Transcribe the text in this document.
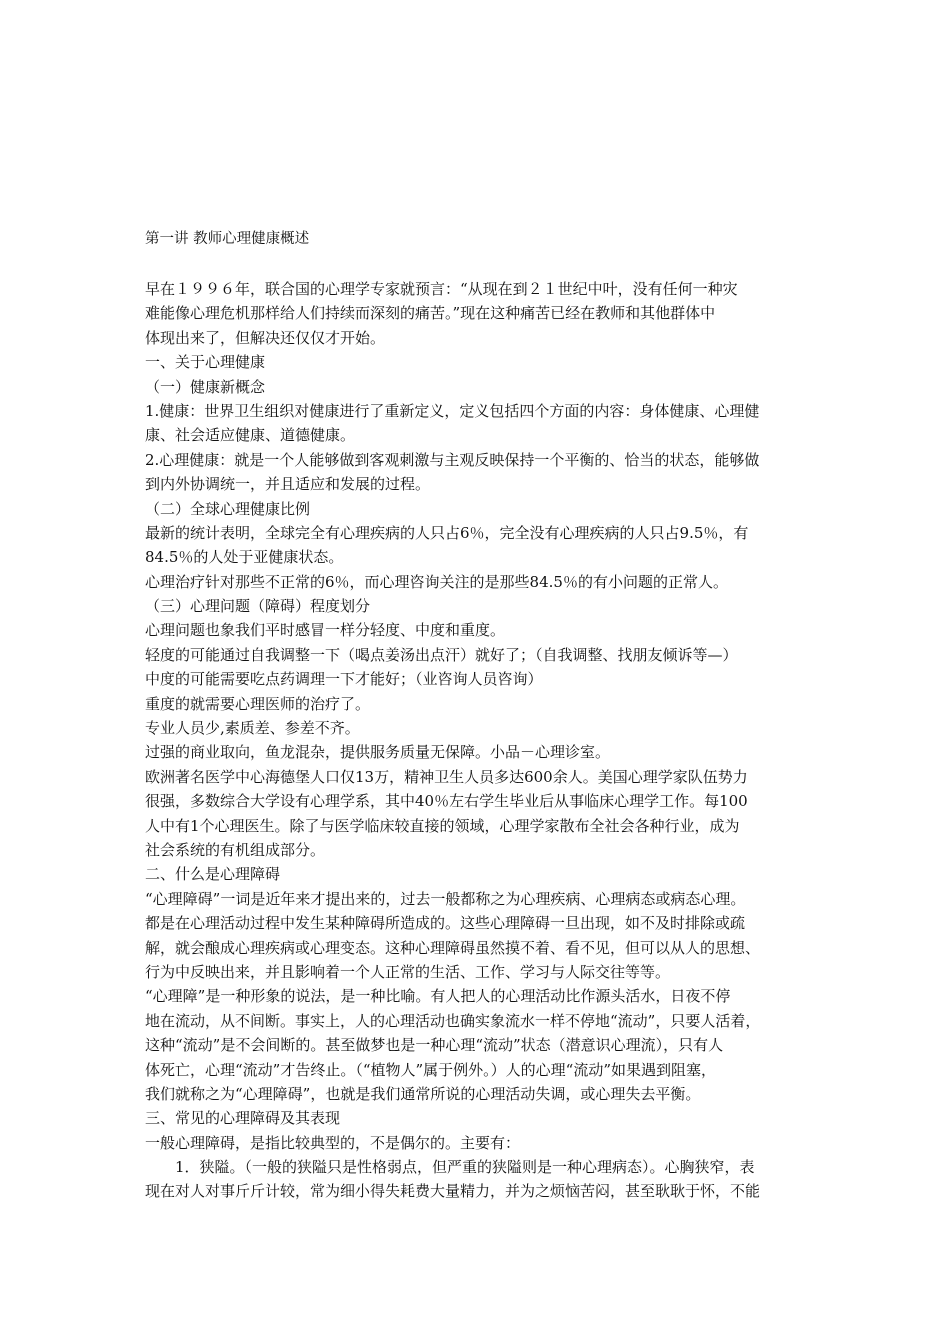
第一讲 教师心理健康概述
早在１９９６年，联合国的心理学专家就预言：“从现在到２１世纪中叶，没有任何一种灾
难能像心理危机那样给人们持续而深刻的痛苦。”现在这种痛苦已经在教师和其他群体中
体现出来了，但解决还仅仅才开始。
一、关于心理健康
（一）健康新概念
1.健康：世界卫生组织对健康进行了重新定义，定义包括四个方面的内容：身体健康、心理健
康、社会适应健康、道德健康。
2.心理健康：就是一个人能够做到客观刺激与主观反映保持一个平衡的、恰当的状态，能够做
到内外协调统一，并且适应和发展的过程。
（二）全球心理健康比例
最新的统计表明，全球完全有心理疾病的人只占6％，完全没有心理疾病的人只占9.5％，有
84.5％的人处于亚健康状态。
心理治疗针对那些不正常的6％，而心理咨询关注的是那些84.5％的有小问题的正常人。
（三）心理问题（障碍）程度划分
心理问题也象我们平时感冒一样分轻度、中度和重度。
轻度的可能通过自我调整一下（喝点姜汤出点汗）就好了；（自我调整、找朋友倾诉等—）
中度的可能需要吃点药调理一下才能好；（业咨询人员咨询）
重度的就需要心理医师的治疗了。
专业人员少,素质差、参差不齐。
过强的商业取向，鱼龙混杂，提供服务质量无保障。小品－心理诊室。
欧洲著名医学中心海德堡人口仅13万，精神卫生人员多达600余人。美国心理学家队伍势力
很强，多数综合大学设有心理学系，其中40％左右学生毕业后从事临床心理学工作。每100
人中有1个心理医生。除了与医学临床较直接的领域，心理学家散布全社会各种行业，成为
社会系统的有机组成部分。
二、什么是心理障碍
“心理障碍”一词是近年来才提出来的，过去一般都称之为心理疾病、心理病态或病态心理。
都是在心理活动过程中发生某种障碍所造成的。这些心理障碍一旦出现，如不及时排除或疏
解，就会酿成心理疾病或心理变态。这种心理障碍虽然摸不着、看不见，但可以从人的思想、
行为中反映出来，并且影响着一个人正常的生活、工作、学习与人际交往等等。
“心理障”是一种形象的说法，是一种比喻。有人把人的心理活动比作源头活水，日夜不停
地在流动，从不间断。事实上，人的心理活动也确实象流水一样不停地“流动”，只要人活着，
这种“流动”是不会间断的。甚至做梦也是一种心理“流动”状态（潜意识心理流），只有人
体死亡，心理“流动”才告终止。（“植物人”属于例外。）人的心理“流动”如果遇到阻塞，
我们就称之为“心理障碍”，也就是我们通常所说的心理活动失调，或心理失去平衡。
三、常见的心理障碍及其表现
一般心理障碍，是指比较典型的，不是偶尔的。主要有：
1．狭隘。（一般的狭隘只是性格弱点，但严重的狭隘则是一种心理病态）。心胸狭窄，表
现在对人对事斤斤计较，常为细小得失耗费大量精力，并为之烦恼苦闷，甚至耿耿于怀，不能
